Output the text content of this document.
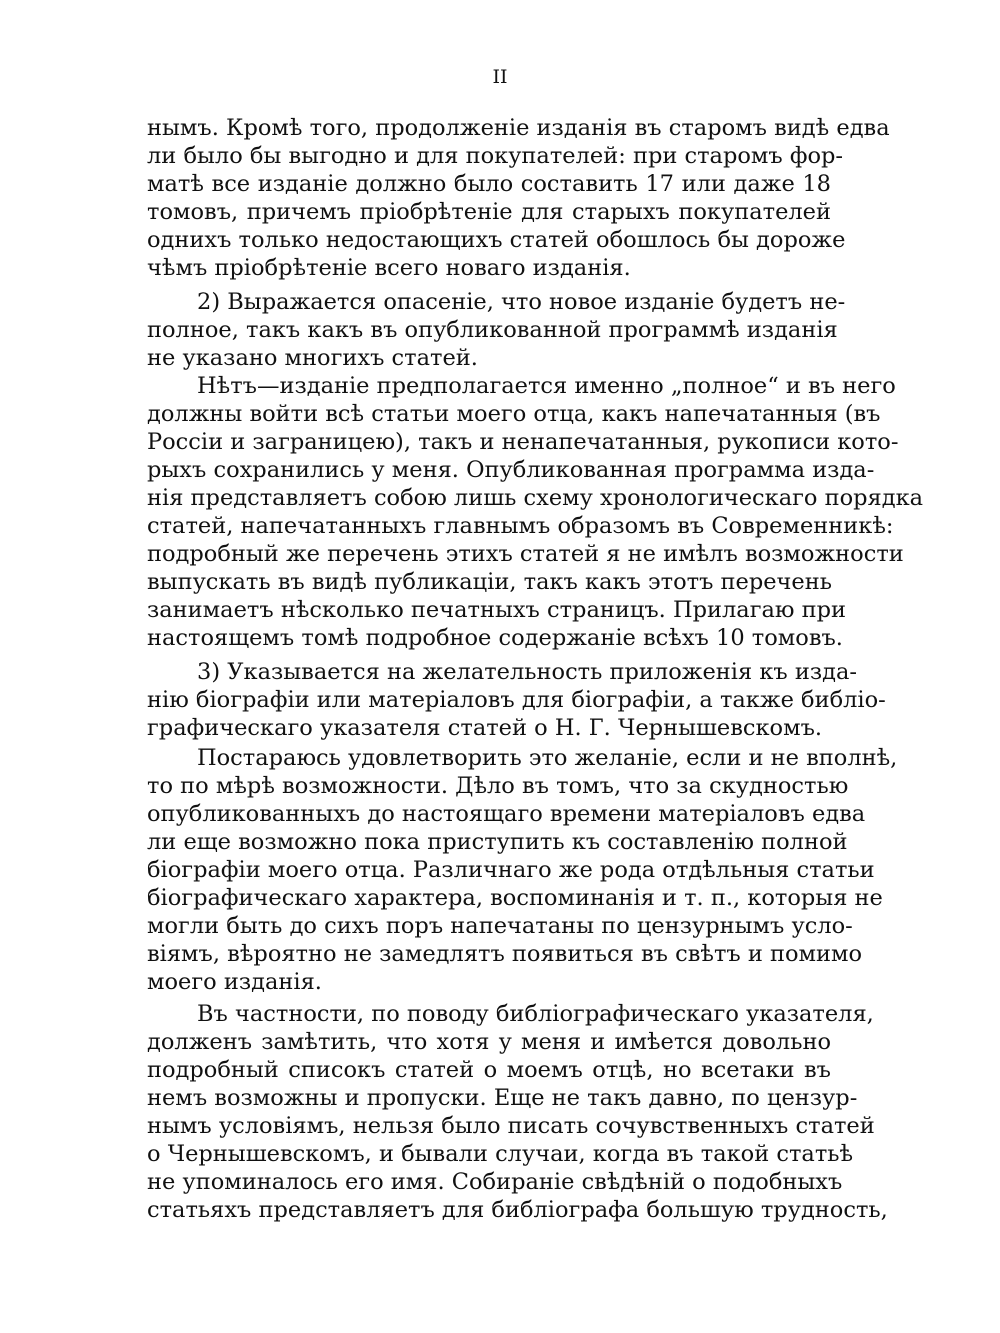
II
нымъ. Кромѣ того, продолженіе изданія въ старомъ видѣ едва
ли было бы выгодно и для покупателей: при старомъ фор-
матѣ все изданіе должно было составить 17 или даже 18
томовъ, причемъ пріобрѣтеніе для старыхъ покупателей
однихъ только недостающихъ статей обошлось бы дороже
чѣмъ пріобрѣтеніе всего новаго изданія.
2) Выражается опасеніе, что новое изданіе будетъ не-
полное, такъ какъ въ опубликованной программѣ изданія
не указано многихъ статей.
Нѣтъ—изданіе предполагается именно „полное“ и въ него
должны войти всѣ статьи моего отца, какъ напечатанныя (въ
Россіи и заграницею), такъ и ненапечатанныя, рукописи кото-
рыхъ сохранились у меня. Опубликованная программа изда-
нія представляетъ собою лишь схему хронологическаго порядка
статей, напечатанныхъ главнымъ образомъ въ Современникѣ:
подробный же перечень этихъ статей я не имѣлъ возможности
выпускать въ видѣ публикаціи, такъ какъ этотъ перечень
занимаетъ нѣсколько печатныхъ страницъ. Прилагаю при
настоящемъ томѣ подробное содержаніе всѣхъ 10 томовъ.
3) Указывается на желательность приложенія къ изда-
нію біографіи или матеріаловъ для біографіи, а также библіо-
графическаго указателя статей о Н. Г. Чернышевскомъ.
Постараюсь удовлетворить это желаніе, если и не вполнѣ,
то по мѣрѣ возможности. Дѣло въ томъ, что за скудностью
опубликованныхъ до настоящаго времени матеріаловъ едва
ли еще возможно пока приступить къ составленію полной
біографіи моего отца. Различнаго же рода отдѣльныя статьи
біографическаго характера, воспоминанія и т. п., которыя не
могли быть до сихъ поръ напечатаны по цензурнымъ усло-
віямъ, вѣроятно не замедлятъ появиться въ свѣтъ и помимо
моего изданія.
Въ частности, по поводу библіографическаго указателя,
долженъ замѣтить, что хотя у меня и имѣется довольно
подробный списокъ статей о моемъ отцѣ, но всетаки въ
немъ возможны и пропуски. Еще не такъ давно, по цензур-
нымъ условіямъ, нельзя было писать сочувственныхъ статей
о Чернышевскомъ, и бывали случаи, когда въ такой статьѣ
не упоминалось его имя. Собираніе свѣдѣній о подобныхъ
статьяхъ представляетъ для библіографа большую трудность,
